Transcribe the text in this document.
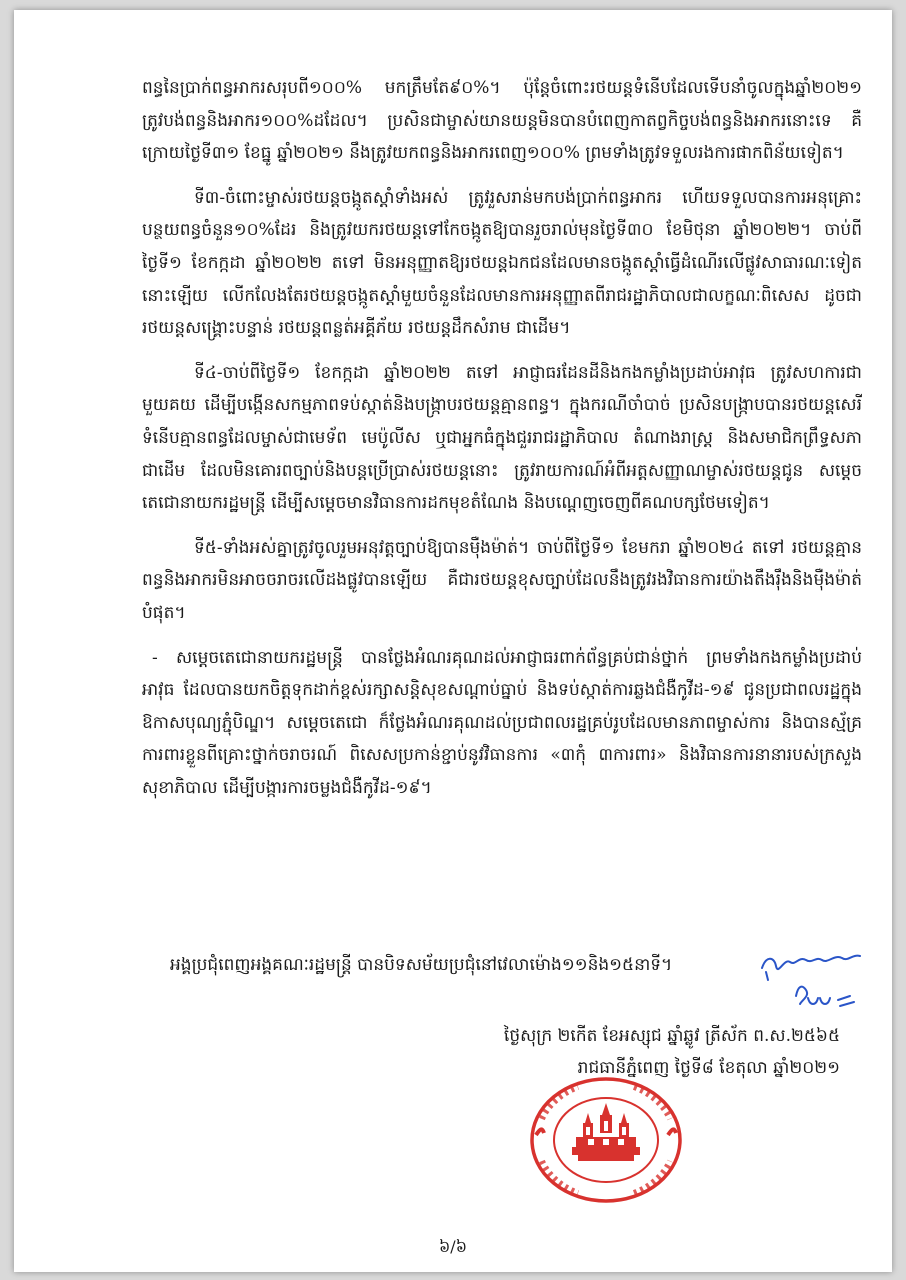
ពន្ធនៃប្រាក់ពន្ធអាករសរុបពី១០០% មកត្រឹមតែ៩០%។ ប៉ុន្តែចំពោះរថយន្តទំនើបដែលទើបនាំចូលក្នុងឆ្នាំ២០២១ ត្រូវបង់ពន្ធនិងអាករ១០០%ដដែល។ ប្រសិនជាម្ចាស់យានយន្តមិនបានបំពេញកាតព្វកិច្ចបង់ពន្ធនិងអាករនោះទេ គឺក្រោយថ្ងៃទី៣១ ខែធ្នូ ឆ្នាំ២០២១ នឹងត្រូវយកពន្ធនិងអាករពេញ១០០% ព្រមទាំងត្រូវទទួលរងការផាកពិន័យទៀត។

ទី៣-ចំពោះម្ចាស់រថយន្តចង្កូតស្តាំទាំងអស់ ត្រូវរួសរាន់មកបង់ប្រាក់ពន្ធអាករ ហើយទទួលបានការអនុគ្រោះបន្ថយពន្ធចំនួន១០%ដែរ និងត្រូវយករថយន្តទៅកែចង្កូតឱ្យបានរួចរាល់មុនថ្ងៃទី៣០ ខែមិថុនា ឆ្នាំ២០២២។ ចាប់ពីថ្ងៃទី១ ខែកក្កដា ឆ្នាំ២០២២ តទៅ មិនអនុញ្ញាតឱ្យរថយន្តឯកជនដែលមានចង្កូតស្តាំធ្វើដំណើរលើផ្លូវសាធារណៈទៀតនោះឡើយ លើកលែងតែរថយន្តចង្កូតស្តាំមួយចំនួនដែលមានការអនុញ្ញាតពីរាជរដ្ឋាភិបាលជាលក្ខណៈពិសេស ដូចជារថយន្តសង្គ្រោះបន្ទាន់ រថយន្តពន្លត់អគ្គីភ័យ រថយន្តដឹកសំរាម ជាដើម។

ទី៤-ចាប់ពីថ្ងៃទី១ ខែកក្កដា ឆ្នាំ២០២២ តទៅ អាជ្ញាធរដែនដីនិងកងកម្លាំងប្រដាប់អាវុធ ត្រូវសហការជាមួយគយ ដើម្បីបង្កើនសកម្មភាពទប់ស្កាត់និងបង្ក្រាបរថយន្តគ្មានពន្ធ។ ក្នុងករណីចាំបាច់ ប្រសិនបង្ក្រាបបានរថយន្តសេរីទំនើបគ្មានពន្ធដែលម្ចាស់ជាមេទ័ព មេប៉ូលីស ឬជាអ្នកធំក្នុងជួររាជរដ្ឋាភិបាល តំណាងរាស្ត្រ និងសមាជិកព្រឹទ្ធសភា ជាដើម ដែលមិនគោរពច្បាប់និងបន្តប្រើប្រាស់រថយន្តនោះ ត្រូវរាយការណ៍អំពីអត្តសញ្ញាណម្ចាស់រថយន្តជូន សម្តេចតេជោនាយករដ្ឋមន្ត្រី ដើម្បីសម្តេចមានវិធានការដកមុខតំណែង និងបណ្តេញចេញពីគណបក្សថែមទៀត។

ទី៥-ទាំងអស់គ្នាត្រូវចូលរួមអនុវត្តច្បាប់ឱ្យបានម៉ឺងម៉ាត់។ ចាប់ពីថ្ងៃទី១ ខែមករា ឆ្នាំ២០២៤ តទៅ រថយន្តគ្មានពន្ធនិងអាករមិនអាចចរាចរលើដងផ្លូវបានឡើយ គឺជារថយន្តខុសច្បាប់ដែលនឹងត្រូវរងវិធានការយ៉ាងតឹងរ៉ឹងនិងម៉ឺងម៉ាត់បំផុត។

- សម្តេចតេជោនាយករដ្ឋមន្ត្រី បានថ្លែងអំណរគុណដល់អាជ្ញាធរពាក់ព័ន្ធគ្រប់ជាន់ថ្នាក់ ព្រមទាំងកងកម្លាំងប្រដាប់អាវុធ ដែលបានយកចិត្តទុកដាក់ខ្ពស់រក្សាសន្តិសុខសណ្តាប់ធ្នាប់ និងទប់ស្កាត់ការឆ្លងជំងឺកូវីដ-១៩ ជូនប្រជាពលរដ្ឋក្នុងឱកាសបុណ្យភ្ជុំបិណ្ឌ។ សម្តេចតេជោ ក៏ថ្លែងអំណរគុណដល់ប្រជាពលរដ្ឋគ្រប់រូបដែលមានភាពម្ចាស់ការ និងបានស្ម័គ្រការពារខ្លួនពីគ្រោះថ្នាក់ចរាចរណ៍ ពិសេសប្រកាន់ខ្ជាប់នូវវិធានការ «៣កុំ ៣ការពារ» និងវិធានការនានារបស់ក្រសួងសុខាភិបាល ដើម្បីបង្ការការចម្លងជំងឺកូវីដ-១៩។

អង្គប្រជុំពេញអង្គគណៈរដ្ឋមន្ត្រី បានបិទសម័យប្រជុំនៅវេលាម៉ោង១១និង១៥នាទី។
ថ្ងៃសុក្រ ២កើត ខែអស្សុជ ឆ្នាំឆ្លូវ ត្រីស័ក ព.ស.២៥៦៥
រាជធានីភ្នំពេញ ថ្ងៃទី៨ ខែតុលា ឆ្នាំ២០២១
៦/៦
